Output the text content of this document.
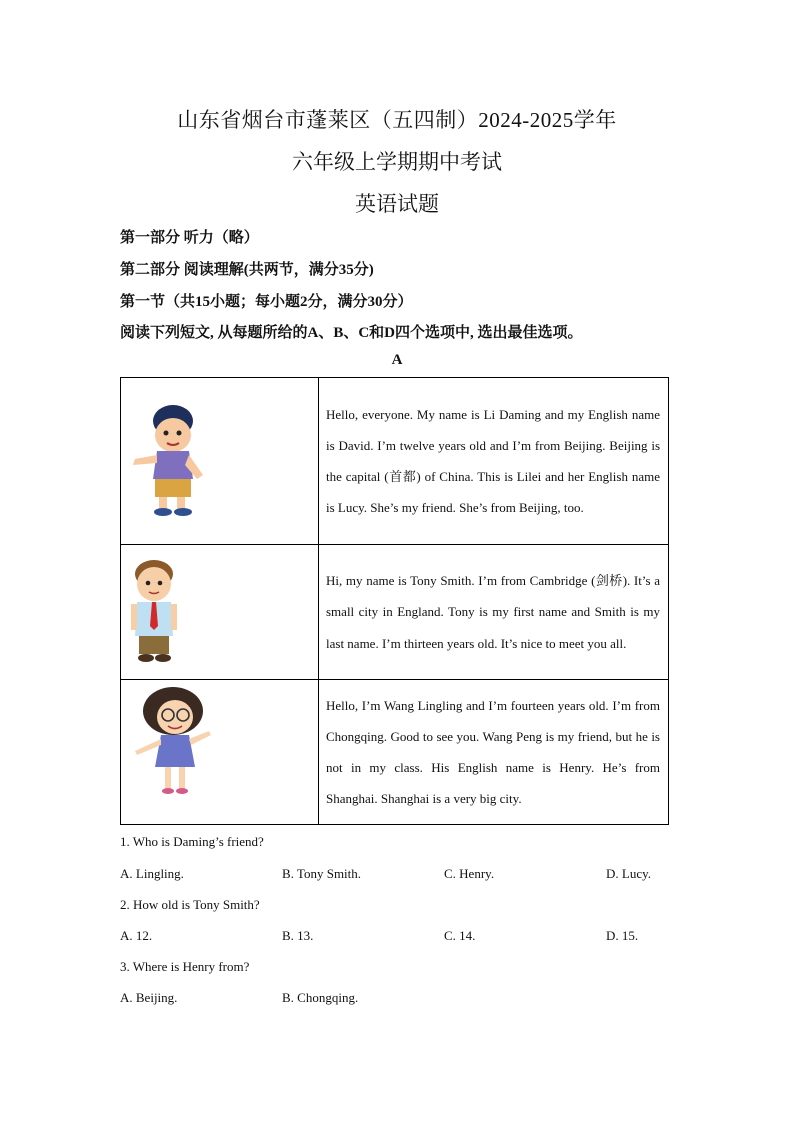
山东省烟台市蓬莱区（五四制）2024-2025学年
六年级上学期期中考试
英语试题
第一部分 听力（略）
第二部分 阅读理解(共两节，满分35分)
第一节（共15小题；每小题2分，满分30分）
阅读下列短文, 从每题所给的A、B、C和D四个选项中, 选出最佳选项。
A
	Hello, everyone. My name is Li Daming and my English name is David. I’m twelve years old and I’m from Beijing. Beijing is the capital (首都) of China. This is Lilei and her English name is Lucy. She’s my friend. She’s from Beijing, too.

	Hi, my name is Tony Smith. I’m from Cambridge (剑桥). It’s a small city in England. Tony is my first name and Smith is my last name. I’m thirteen years old. It’s nice to meet you all.

	Hello, I’m Wang Lingling and I’m fourteen years old. I’m from Chongqing. Good to see you. Wang Peng is my friend, but he is not in my class. His English name is Henry. He’s from Shanghai. Shanghai is a very big city.
1. Who is Daming’s friend?
A. Lingling.	B. Tony Smith.	C. Henry.	D. Lucy.
2. How old is Tony Smith?
A. 12.	B. 13.	C. 14.	D. 15.
3. Where is Henry from?
A. Beijing.	B. Chongqing.
